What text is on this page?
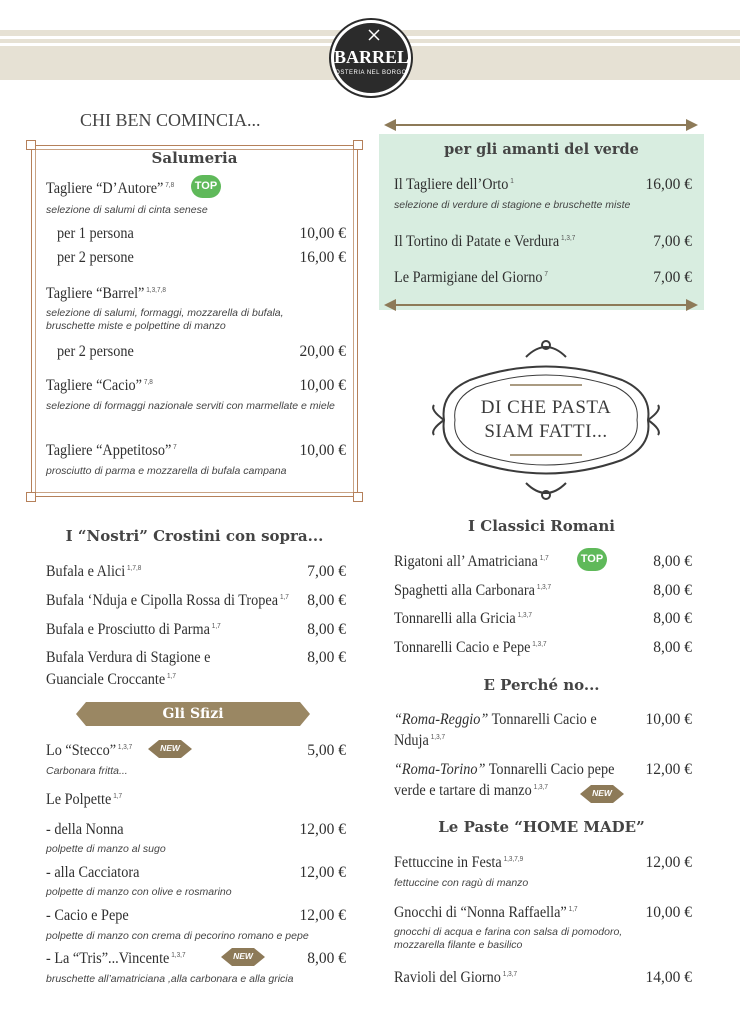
BARREL
OSTERIA NEL BORGO
CHI BEN COMINCIA...
Salumeria
Tagliere “D’Autore” $^{7,8}$	TOP
selezione di salumi di cinta senese
per 1 persona	10,00 €
per 2 persone	16,00 €
Tagliere “Barrel” $^{1,3,7,8}$
selezione di salumi, formaggi, mozzarella di bufala, bruschette miste e polpettine di manzo
per 2 persone	20,00 €
Tagliere “Cacio” $^{7,8}$	10,00 €
selezione di formaggi nazionale serviti con marmellate e miele
Tagliere “Appetitoso” $^7$	10,00 €
prosciutto di parma e mozzarella di bufala campana
I “Nostri” Crostini con sopra...
Bufala e Alici $^{1,7,8}$	7,00 €
Bufala ‘Nduja e Cipolla Rossa di Tropea $^{1,7}$ 8,00 €
Bufala e Prosciutto di Parma $^{1,7}$	8,00 €
Bufala Verdura di Stagione e
Guanciale Croccante $^{1,7}$
8,00 €
Gli Sfizi
Lo “Stecco” $^{1,3,7}$	NEW	5,00 €
Carbonara fritta...
Le Polpette $^{1,7}$
- della Nonna	12,00 €
polpette di manzo al sugo
- alla Cacciatora	12,00 €
polpette di manzo con olive e rosmarino
- Cacio e Pepe	12,00 €
polpette di manzo con crema di pecorino romano e pepe
- La “Tris”...Vincente $^{1,3,7}$	NEW	8,00 €
bruschette all’amatriciana ,alla carbonara e alla gricia
per gli amanti del verde
Il Tagliere dell’Orto $^1$	16,00 €
selezione di verdure di stagione e bruschette miste
Il Tortino di Patate e Verdura $^{1,3,7}$	7,00 €
Le Parmigiane del Giorno $^7$	7,00 €
DI CHE PASTA
SIAM FATTI...
I Classici Romani
Rigatoni all’ Amatriciana $^{1,7}$	TOP	8,00 €
Spaghetti alla Carbonara $^{1,3,7}$	8,00 €
Tonnarelli alla Gricia $^{1,3,7}$	8,00 €
Tonnarelli Cacio e Pepe $^{1,3,7}$	8,00 €
E Perché no...
“Roma-Reggio” Tonnarelli Cacio e
Nduja $^{1,3,7}$
10,00 €
“Roma-Torino” Tonnarelli Cacio pepe
verde e tartare di manzo $^{1,3,7}$
NEW
12,00 €
Le Paste “HOME MADE”
Fettuccine in Festa $^{1,3,7,9}$	12,00 €
fettuccine con ragù di manzo
Gnocchi di “Nonna Raffaella” $^{1,7}$	10,00 €
gnocchi di acqua e farina con salsa di pomodoro, mozzarella filante e basilico
Ravioli del Giorno $^{1,3,7}$	14,00 €
